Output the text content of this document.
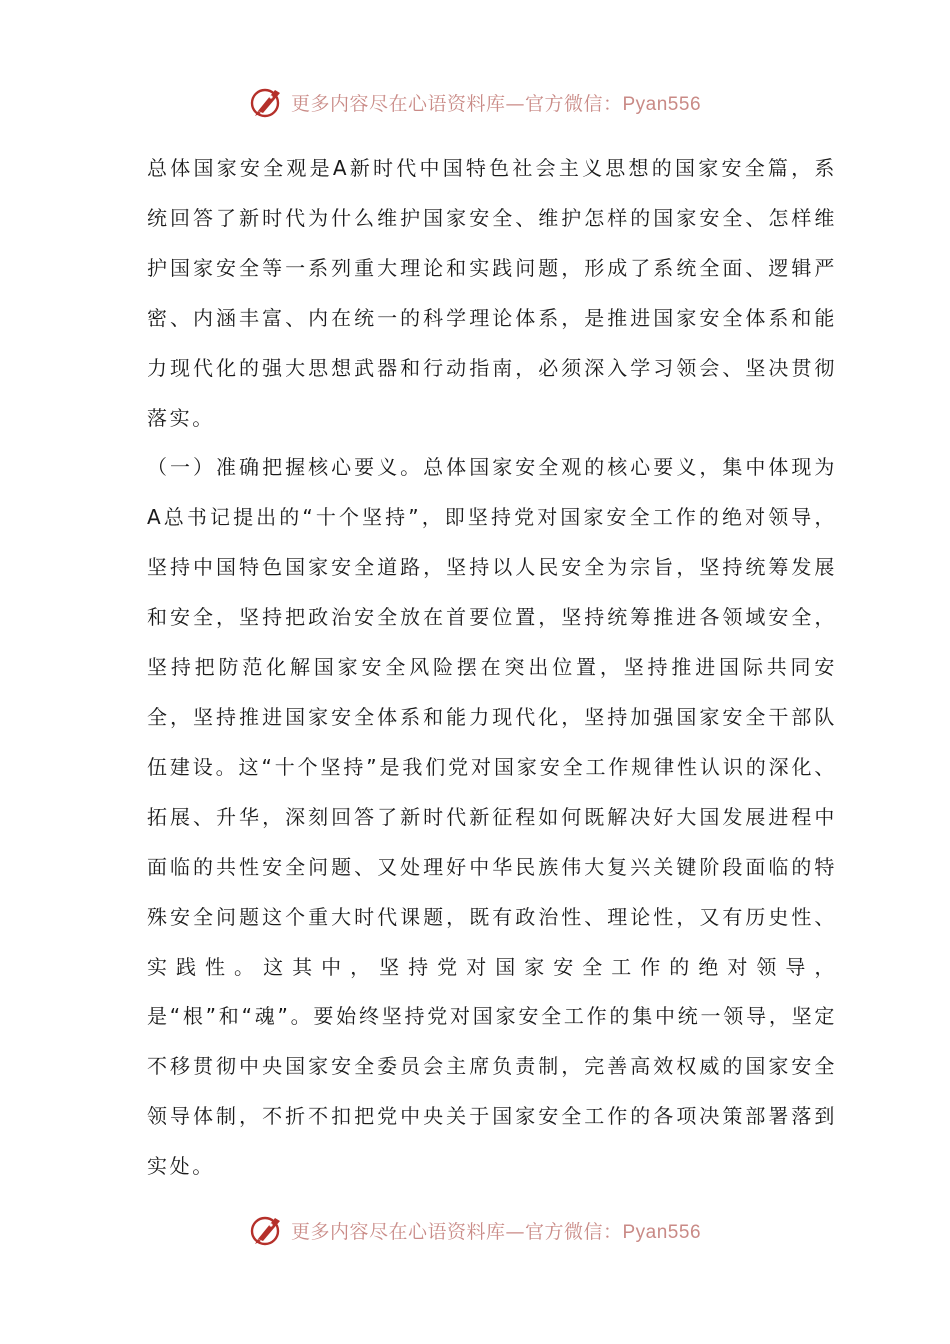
更多内容尽在心语资料库—官方微信：Pyan556

总体国家安全观是A新时代中国特色社会主义思想的国家安全篇，系统回答了新时代为什么维护国家安全、维护怎样的国家安全、怎样维护国家安全等一系列重大理论和实践问题，形成了系统全面、逻辑严密、内涵丰富、内在统一的科学理论体系，是推进国家安全体系和能力现代化的强大思想武器和行动指南，必须深入学习领会、坚决贯彻落实。

（一）准确把握核心要义。总体国家安全观的核心要义，集中体现为A总书记提出的“十个坚持”，即坚持党对国家安全工作的绝对领导，坚持中国特色国家安全道路，坚持以人民安全为宗旨，坚持统筹发展和安全，坚持把政治安全放在首要位置，坚持统筹推进各领域安全，坚持把防范化解国家安全风险摆在突出位置，坚持推进国际共同安全，坚持推进国家安全体系和能力现代化，坚持加强国家安全干部队伍建设。这“十个坚持”是我们党对国家安全工作规律性认识的深化、拓展、升华，深刻回答了新时代新征程如何既解决好大国发展进程中面临的共性安全问题、又处理好中华民族伟大复兴关键阶段面临的特殊安全问题这个重大时代课题，既有政治性、理论性，又有历史性、实践性。这其中，坚持党对国家安全工作的绝对领导，是“根”和“魂”。要始终坚持党对国家安全工作的集中统一领导，坚定不移贯彻中央国家安全委员会主席负责制，完善高效权威的国家安全领导体制，不折不扣把党中央关于国家安全工作的各项决策部署落到实处。

更多内容尽在心语资料库—官方微信：Pyan556
